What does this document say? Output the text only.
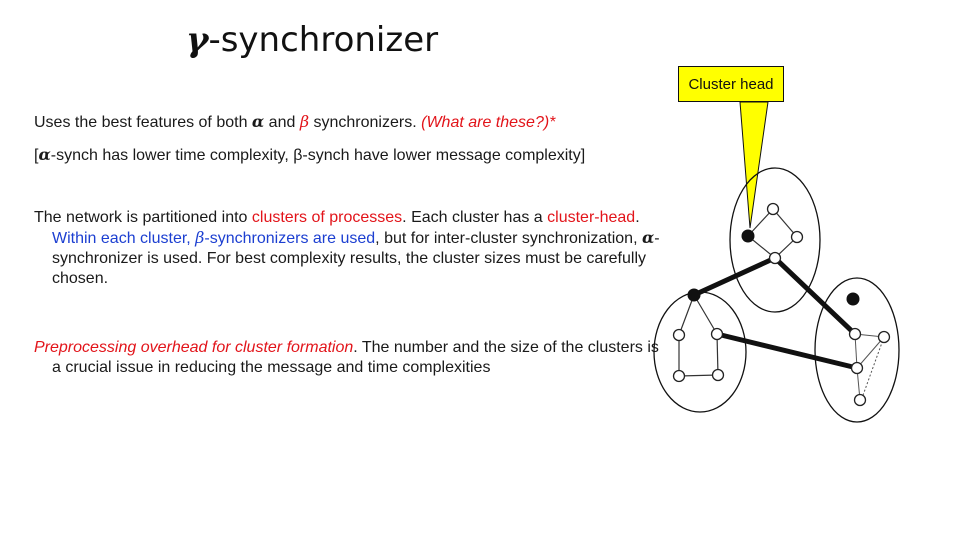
γ-synchronizer
Uses the best features of both α and β synchronizers. (What are these?)*
[α-synch has lower time complexity, β-synch have lower message complexity]
The network is partitioned into clusters of processes. Each cluster has a cluster-head. Within each cluster, β-synchronizers are used, but for inter-cluster synchronization, α-synchronizer is used. For best complexity results, the cluster sizes must be carefully chosen.
Preprocessing overhead for cluster formation. The number and the size of the clusters is a crucial issue in reducing the message and time complexities
Cluster head
